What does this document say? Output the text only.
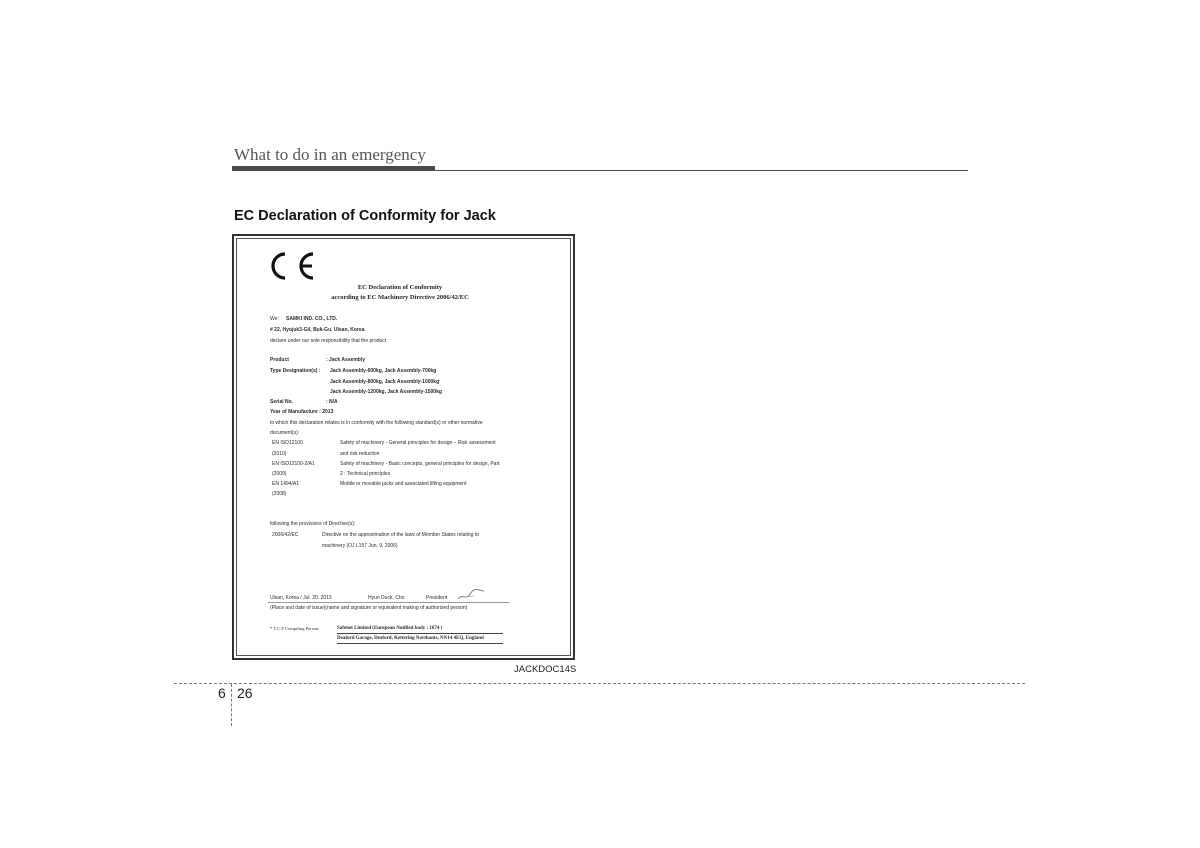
What to do in an emergency
EC Declaration of Conformity for Jack
EC Declaration of Conformity
according to EC Machinery Directive 2006/42/EC
We: SAMKI IND. CO., LTD.
# 22, Hyojuk3-Gil, Buk-Gu, Ulsan, Korea
declare under our sole responsibility that the product
Product	: Jack Assembly
Type Designation(s) : Jack Assembly-600kg, Jack Assembly-700kg
Jack Assembly-800kg, Jack Assembly-1000kg
Jack Assembly-1200kg, Jack Assembly-1500kg
Serial No.	: N/A
Year of Manufacture : 2013
to which this declaration relates is in conformity with the following standard(s) or other normative
document(s):
EN ISO12100	Safety of machinery - General principles for design – Risk assessment
(2010)	and risk reduction
EN ISO12100-2/A1	Safety of machinery - Basic concepts, general principles for design, Part
(2009)	2 : Technical principles
EN 1494/A1	Mobile or movable jacks and associated lifting equipment
(2008)
following the provisions of Directive(s):
2006/42/EC	Directive on the approximation of the laws of Member States relating to
machinery (OJ L157 Jun. 9, 2006)
Ulsan, Korea / Jul. 20. 2013	Hyun Duck, Cho	President
(Place and date of issue)(name and signature or equivalent making of authorized person)
* T.C.F Compiling Person:	Safenet Limited (European Notified body : 1674 )
Deaford Garage, Deaford, Kettering Northants, NN14 4EQ, England
JACKDOC14S
6 26
